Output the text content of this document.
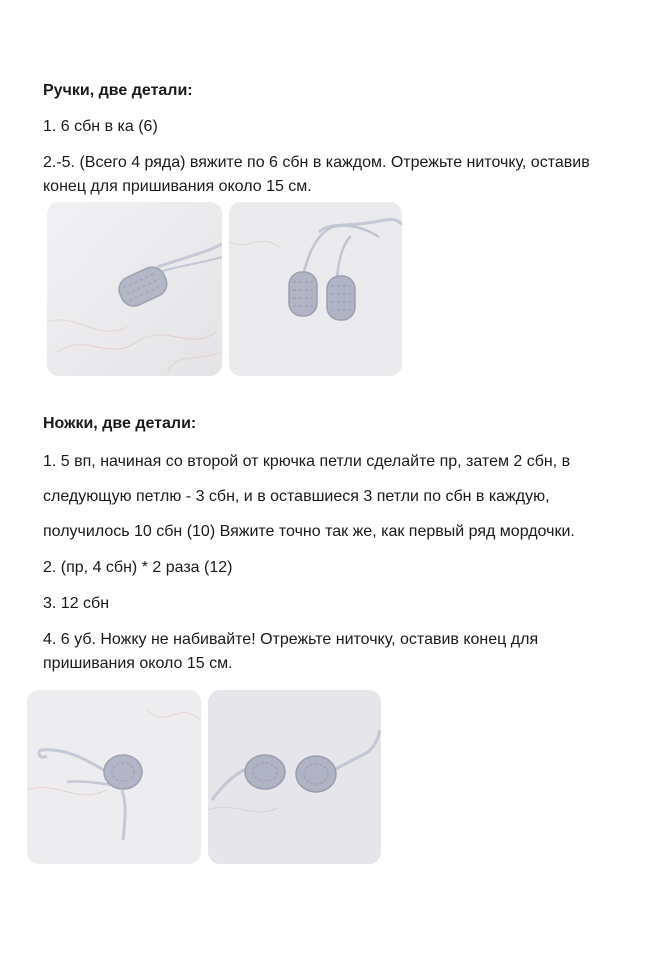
Ручки, две детали:
1. 6 сбн в ка (6)
2.-5. (Всего 4 ряда) вяжите по 6 сбн в каждом. Отрежьте ниточку, оставив
конец для пришивания около 15 см.
Ножки, две детали:
1. 5 вп, начиная со второй от крючка петли сделайте пр, затем 2 сбн, в
следующую петлю - 3 сбн, и в оставшиеся 3 петли по сбн в каждую,
получилось 10 сбн (10) Вяжите точно так же, как первый ряд мордочки.
2. (пр, 4 сбн) * 2 раза (12)
3. 12 сбн
4. 6 уб. Ножку не набивайте! Отрежьте ниточку, оставив конец для
пришивания около 15 см.
